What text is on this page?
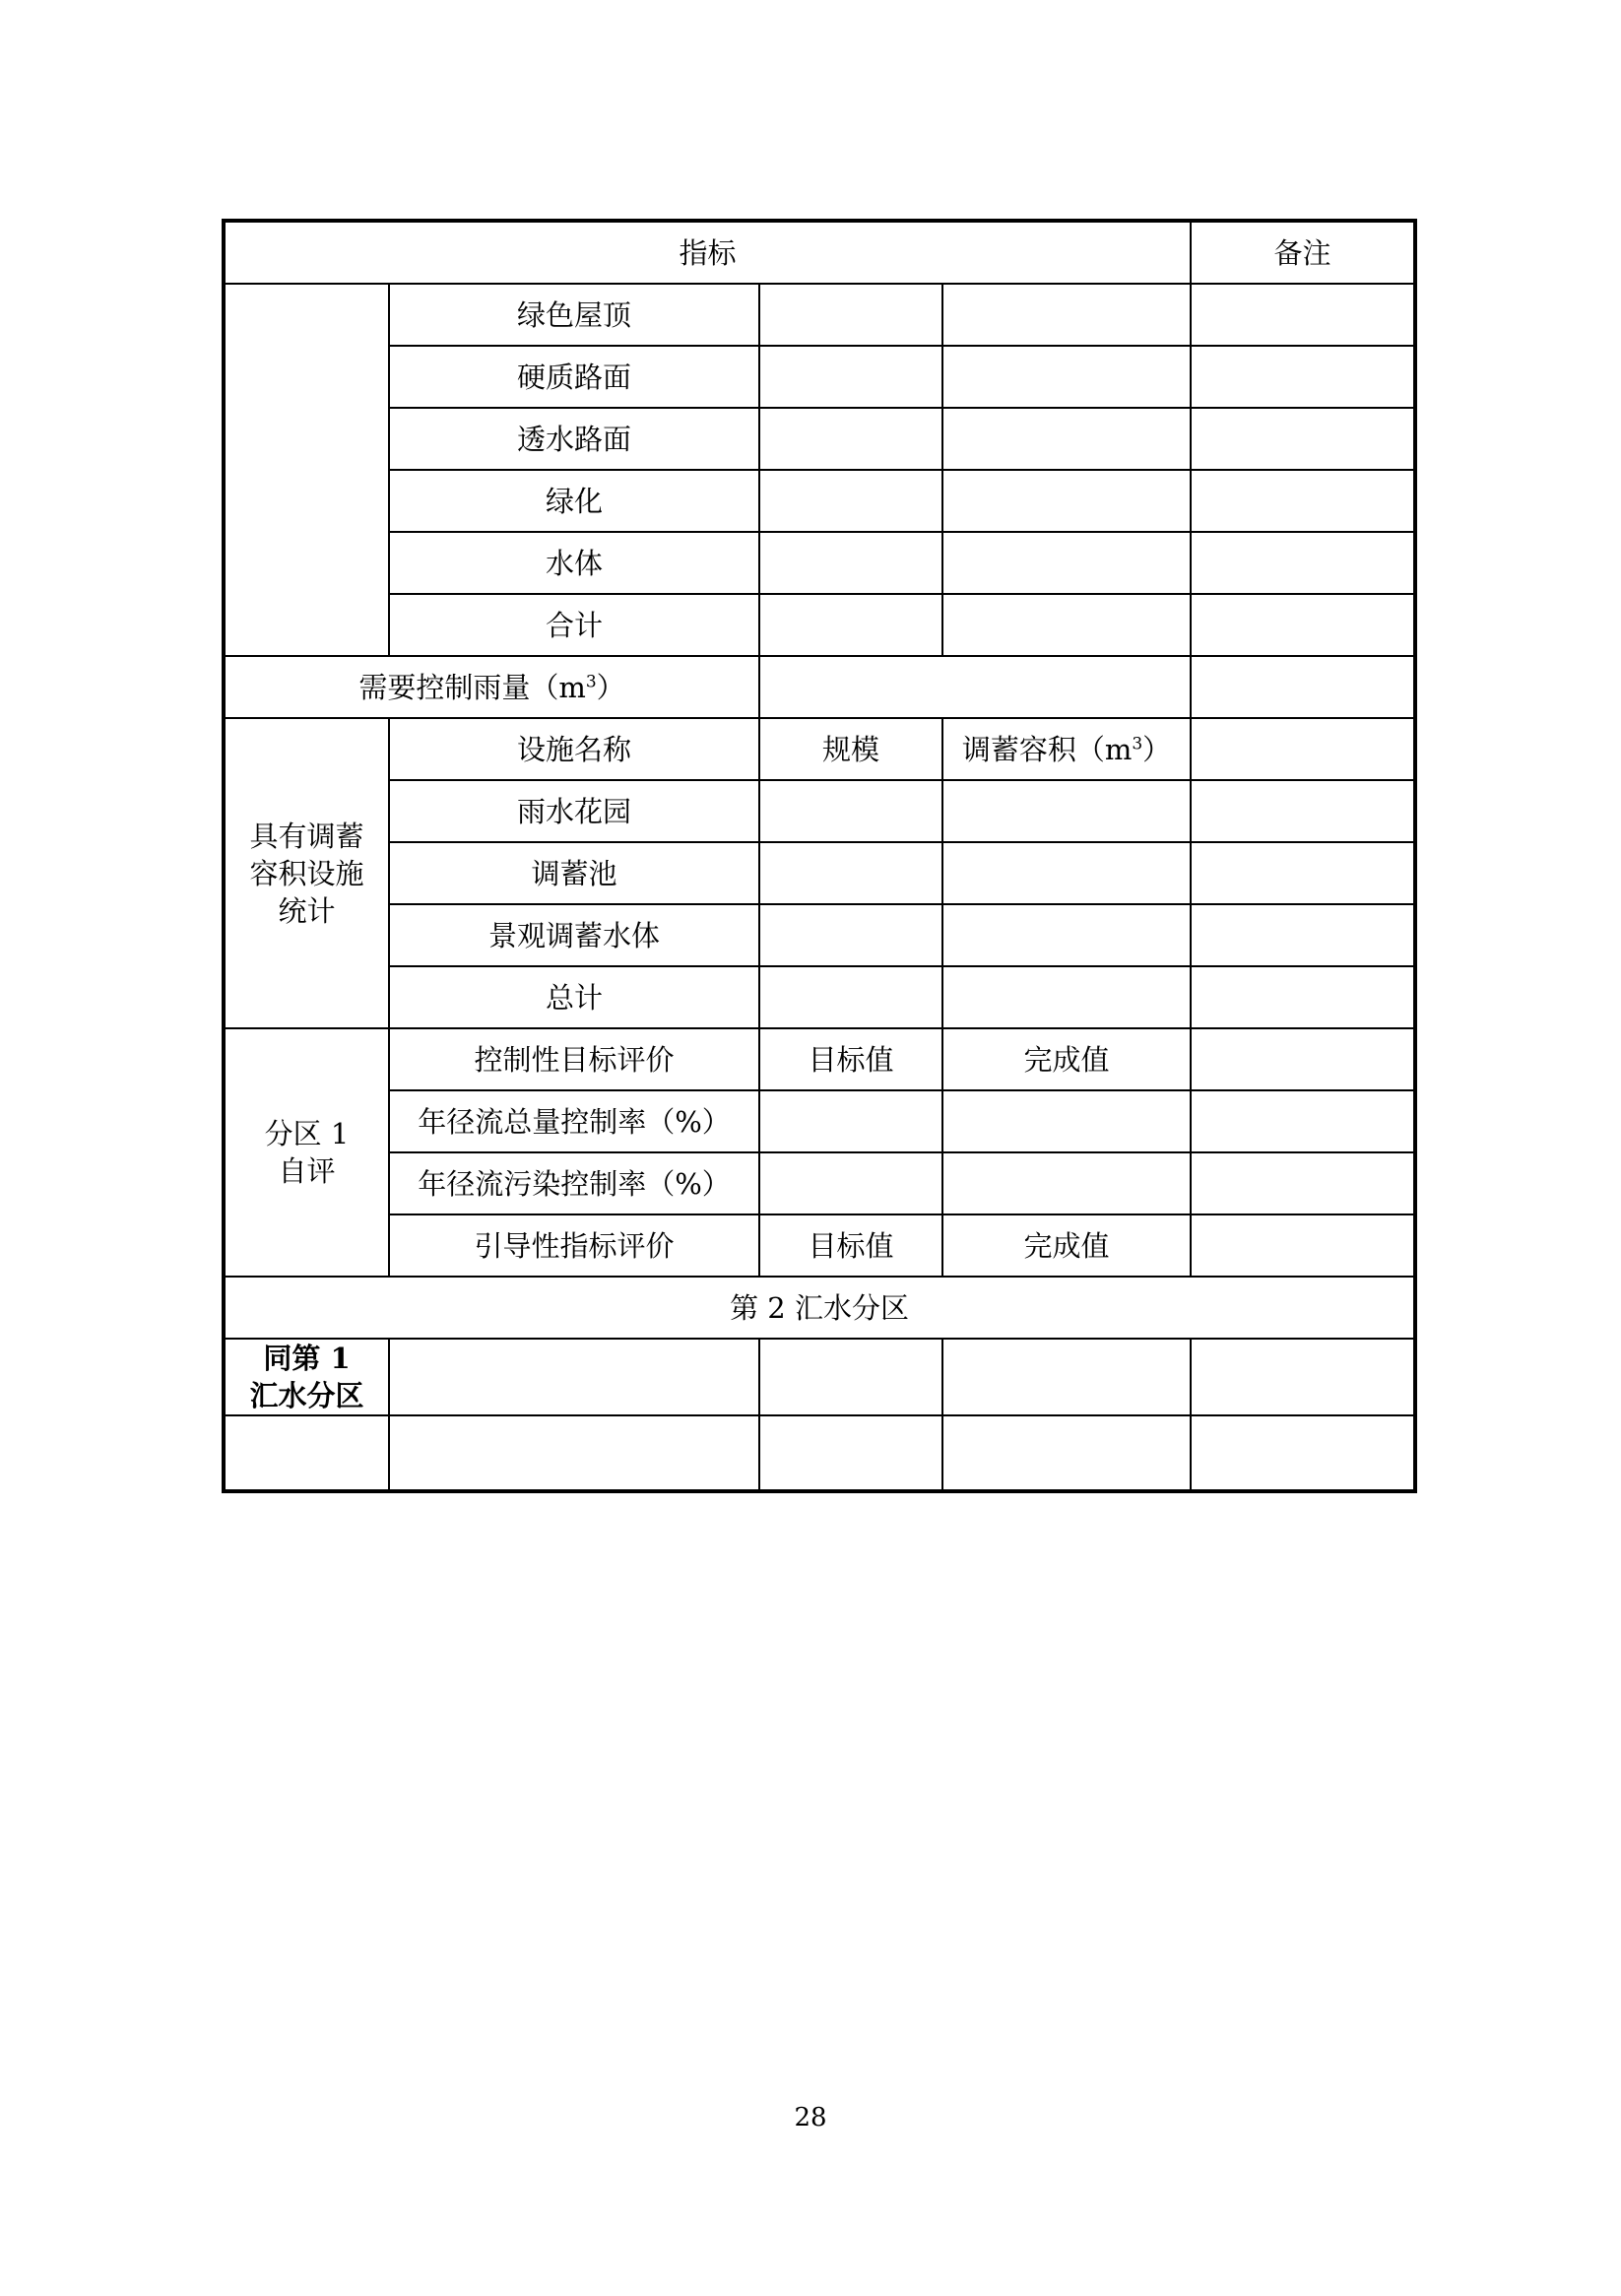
指标				备注
	绿色屋顶			
	硬质路面			
	透水路面			
	绿化			
	水体			
	合计			
需要控制雨量$(m^3)$				
具有调蓄容积设施统计	设施名称	规模	调蓄容积$(m^3)$	
	雨水花园			
	调蓄池			
	景观调蓄水体			
	总计			
分区 1 自评	控制性目标评价	目标值	完成值	
	年径流总量控制率（%）			
	年径流污染控制率（%）			
	引导性指标评价	目标值	完成值	
第 2 汇水分区				
同第 1 汇水分区				

28
